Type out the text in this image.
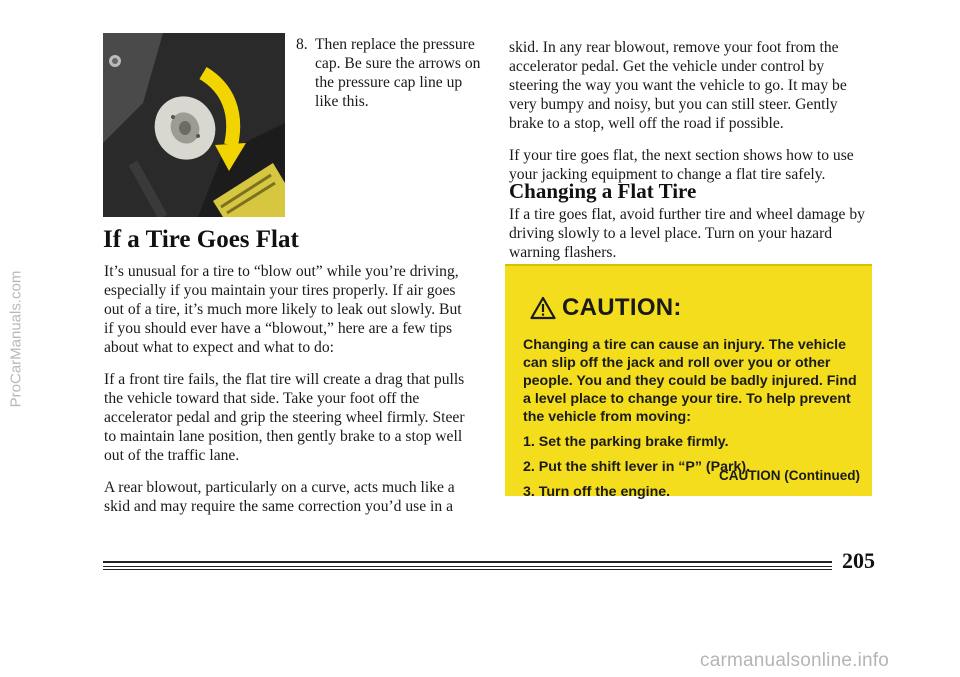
ProCarManuals.com
8. Then replace the pressure cap. Be sure the arrows on the pressure cap line up like this.

If a Tire Goes Flat

It’s unusual for a tire to “blow out” while you’re driving, especially if you maintain your tires properly. If air goes out of a tire, it’s much more likely to leak out slowly. But if you should ever have a “blowout,” here are a few tips about what to expect and what to do:

If a front tire fails, the flat tire will create a drag that pulls the vehicle toward that side. Take your foot off the accelerator pedal and grip the steering wheel firmly. Steer to maintain lane position, then gently brake to a stop well out of the traffic lane.

A rear blowout, particularly on a curve, acts much like a skid and may require the same correction you’d use in a

skid. In any rear blowout, remove your foot from the accelerator pedal. Get the vehicle under control by steering the way you want the vehicle to go. It may be very bumpy and noisy, but you can still steer. Gently brake to a stop, well off the road if possible.

If your tire goes flat, the next section shows how to use your jacking equipment to change a flat tire safely.

Changing a Flat Tire

If a tire goes flat, avoid further tire and wheel damage by driving slowly to a level place. Turn on your hazard warning flashers.

CAUTION:

Changing a tire can cause an injury. The vehicle can slip off the jack and roll over you or other people. You and they could be badly injured. Find a level place to change your tire. To help prevent the vehicle from moving:

1. Set the parking brake firmly.
2. Put the shift lever in “P” (Park).
3. Turn off the engine.
CAUTION (Continued)
205
carmanualsonline.info
